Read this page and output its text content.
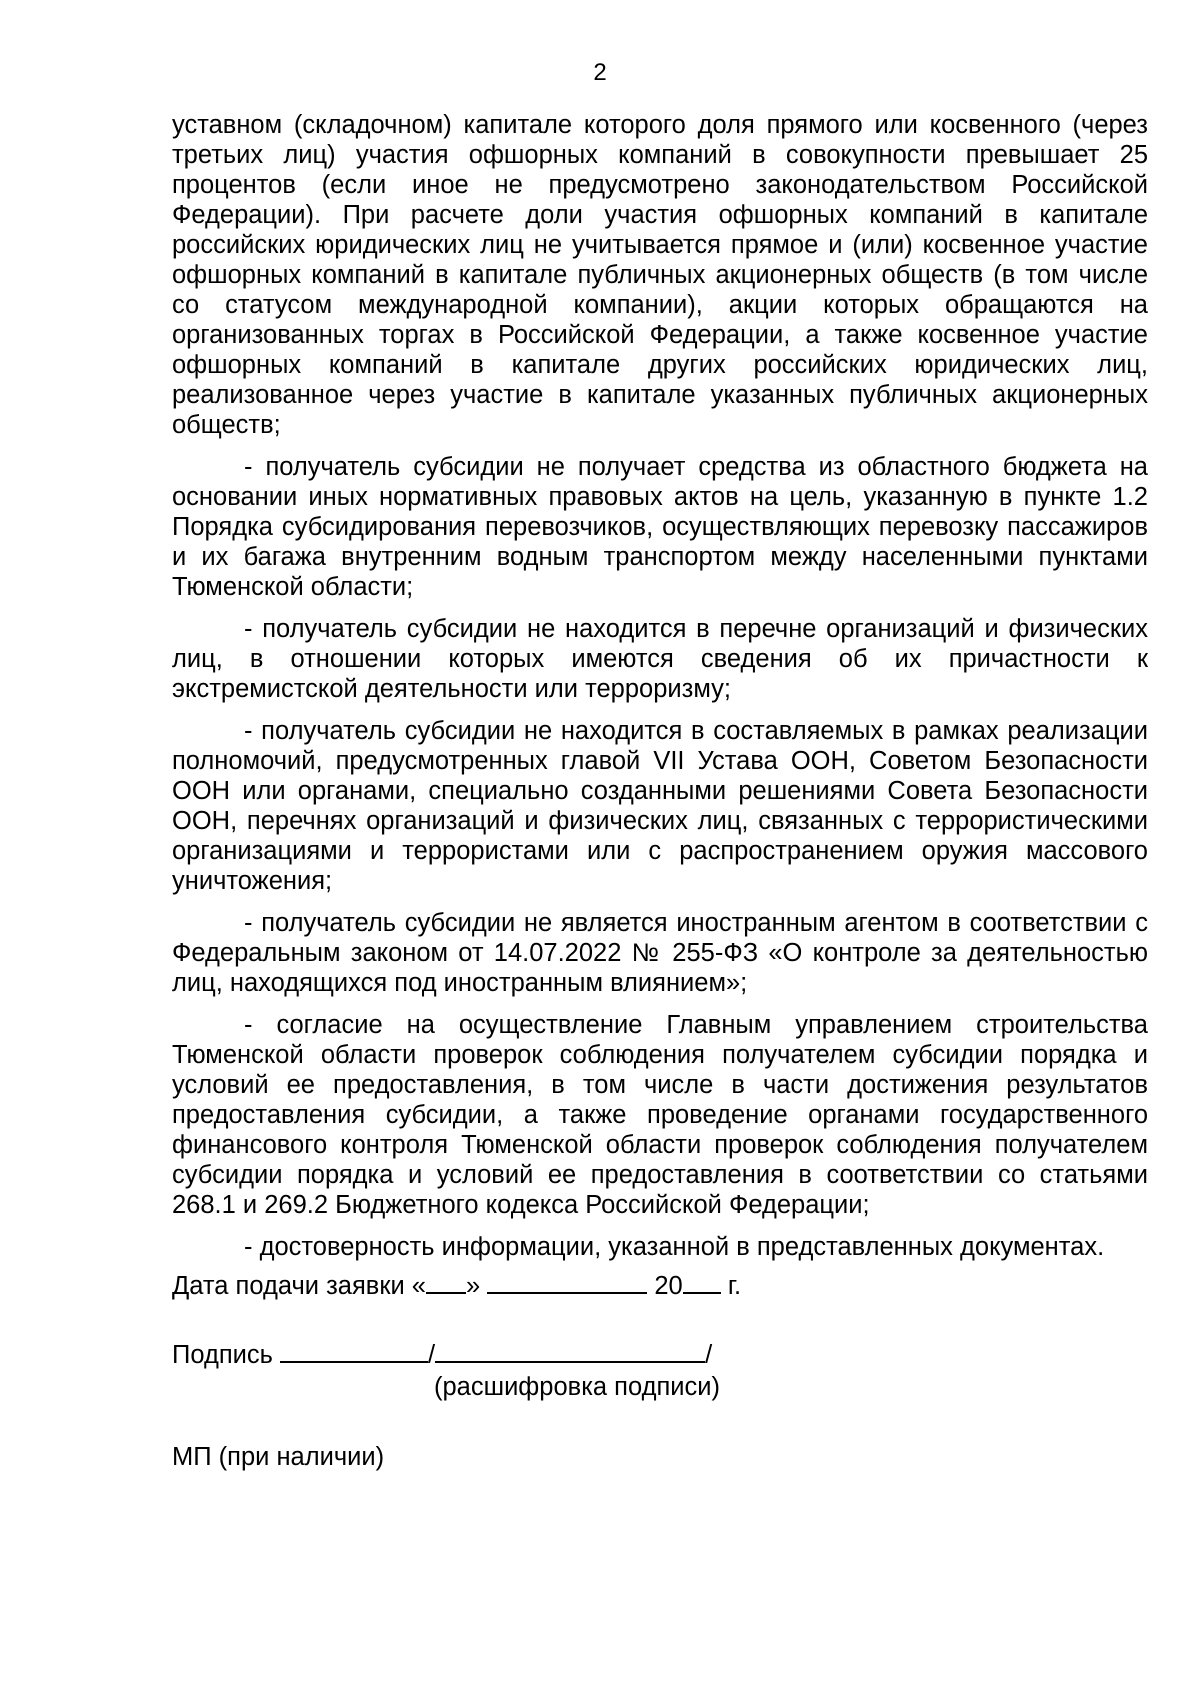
2

уставном (складочном) капитале которого доля прямого или косвенного (через третьих лиц) участия офшорных компаний в совокупности превышает 25 процентов (если иное не предусмотрено законодательством Российской Федерации). При расчете доли участия офшорных компаний в капитале российских юридических лиц не учитывается прямое и (или) косвенное участие офшорных компаний в капитале публичных акционерных обществ (в том числе со статусом международной компании), акции которых обращаются на организованных торгах в Российской Федерации, а также косвенное участие офшорных компаний в капитале других российских юридических лиц, реализованное через участие в капитале указанных публичных акционерных обществ;

- получатель субсидии не получает средства из областного бюджета на основании иных нормативных правовых актов на цель, указанную в пункте 1.2 Порядка субсидирования перевозчиков, осуществляющих перевозку пассажиров и их багажа внутренним водным транспортом между населенными пунктами Тюменской области;

- получатель субсидии не находится в перечне организаций и физических лиц, в отношении которых имеются сведения об их причастности к экстремистской деятельности или терроризму;

- получатель субсидии не находится в составляемых в рамках реализации полномочий, предусмотренных главой VII Устава ООН, Советом Безопасности ООН или органами, специально созданными решениями Совета Безопасности ООН, перечнях организаций и физических лиц, связанных с террористическими организациями и террористами или с распространением оружия массового уничтожения;

- получатель субсидии не является иностранным агентом в соответствии с Федеральным законом от 14.07.2022 № 255-ФЗ «О контроле за деятельностью лиц, находящихся под иностранным влиянием»;

- согласие на осуществление Главным управлением строительства Тюменской области проверок соблюдения получателем субсидии порядка и условий ее предоставления, в том числе в части достижения результатов предоставления субсидии, а также проведение органами государственного финансового контроля Тюменской области проверок соблюдения получателем субсидии порядка и условий ее предоставления в соответствии со статьями 268.1 и 269.2 Бюджетного кодекса Российской Федерации;

- достоверность информации, указанной в представленных документах.

Дата подачи заявки « »	20 г.

Подпись	/	/

(расшифровка подписи)

МП (при наличии)
